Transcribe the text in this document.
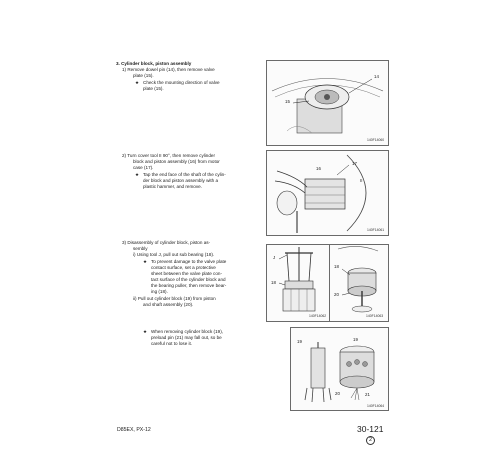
3. Cylinder block, piston assembly
1) Remove dowel pin (14), then remove valve
plate (15).
★ Check the mounting direction of valve
plate (15).
14
15
140F14060
2) Turn cover tool II 90°, then remove cylinder
block and piston assembly (16) from motor
case (17).
★ Tap the end face of the shaft of the cylin-
der block and piston assembly with a
plastic hammer, and remove.
16
17
II
140F14061
3) Disassembly of cylinder block, piston as-
sembly
i) Using tool J, pull out sub bearing (18).
★ To prevent damage to the valve plate
contact surface, set a protective
sheet between the valve plate con-
tact surface of the cylinder block and
the bearing puller, then remove bear-
ing (18).
ii) Pull out cylinder block (19) from piston
and shaft assembly (20).
J
18
140F14062
18
20
140F14063
★ When removing cylinder block (19),
preload pin (21) may fall out, so be
careful not to lose it.	19	19
20	21
140F14064
D85EX, PX-12	30-121
2
